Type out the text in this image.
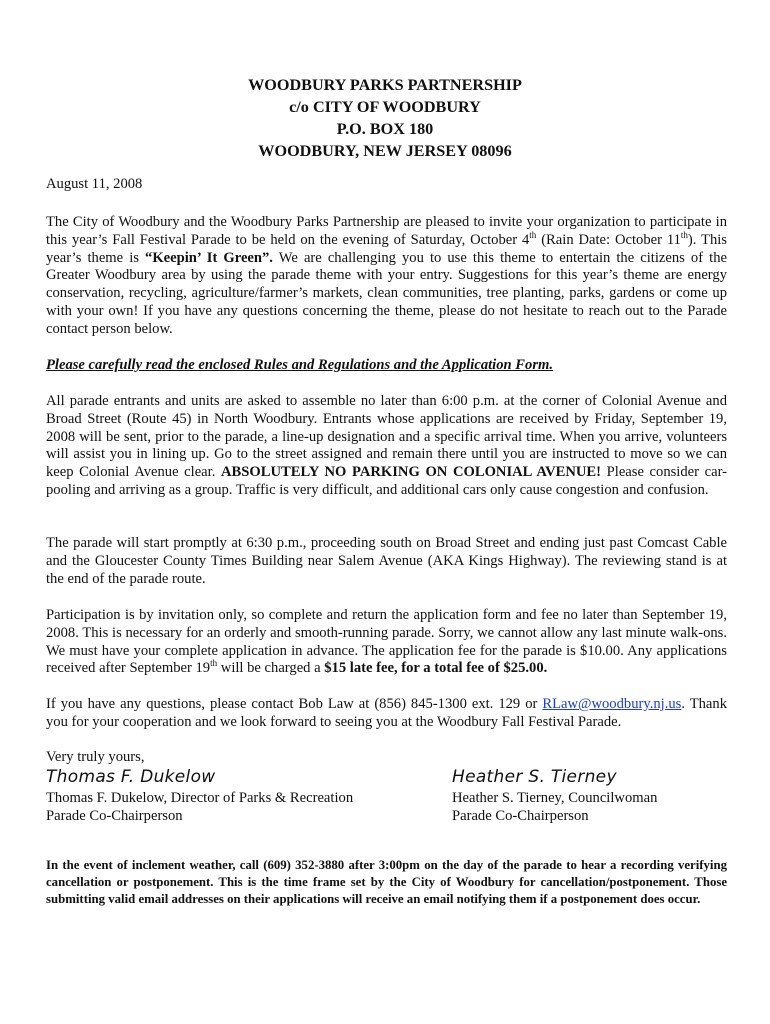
WOODBURY PARKS PARTNERSHIP
c/o CITY OF WOODBURY
P.O. BOX 180
WOODBURY, NEW JERSEY 08096

August 11, 2008

The City of Woodbury and the Woodbury Parks Partnership are pleased to invite your organization to participate in this year’s Fall Festival Parade to be held on the evening of Saturday, October 4th (Rain Date: October 11th). This year’s theme is “Keepin’ It Green”. We are challenging you to use this theme to entertain the citizens of the Greater Woodbury area by using the parade theme with your entry. Suggestions for this year’s theme are energy conservation, recycling, agriculture/farmer’s markets, clean communities, tree planting, parks, gardens or come up with your own! If you have any questions concerning the theme, please do not hesitate to reach out to the Parade contact person below.

Please carefully read the enclosed Rules and Regulations and the Application Form.

All parade entrants and units are asked to assemble no later than 6:00 p.m. at the corner of Colonial Avenue and Broad Street (Route 45) in North Woodbury. Entrants whose applications are received by Friday, September 19, 2008 will be sent, prior to the parade, a line-up designation and a specific arrival time. When you arrive, volunteers will assist you in lining up. Go to the street assigned and remain there until you are instructed to move so we can keep Colonial Avenue clear. ABSOLUTELY NO PARKING ON COLONIAL AVENUE! Please consider car-pooling and arriving as a group. Traffic is very difficult, and additional cars only cause congestion and confusion.

The parade will start promptly at 6:30 p.m., proceeding south on Broad Street and ending just past Comcast Cable and the Gloucester County Times Building near Salem Avenue (AKA Kings Highway). The reviewing stand is at the end of the parade route.

Participation is by invitation only, so complete and return the application form and fee no later than September 19, 2008. This is necessary for an orderly and smooth-running parade. Sorry, we cannot allow any last minute walk-ons. We must have your complete application in advance. The application fee for the parade is $10.00. Any applications received after September 19th will be charged a $15 late fee, for a total fee of $25.00.

If you have any questions, please contact Bob Law at (856) 845-1300 ext. 129 or RLaw@woodbury.nj.us. Thank you for your cooperation and we look forward to seeing you at the Woodbury Fall Festival Parade.

Very truly yours,

Thomas F. Dukelow	Heather S. Tierney
Thomas F. Dukelow, Director of Parks & Recreation
Parade Co-Chairperson
Heather S. Tierney, Councilwoman
Parade Co-Chairperson

In the event of inclement weather, call (609) 352-3880 after 3:00pm on the day of the parade to hear a recording verifying cancellation or postponement. This is the time frame set by the City of Woodbury for cancellation/postponement. Those submitting valid email addresses on their applications will receive an email notifying them if a postponement does occur.
